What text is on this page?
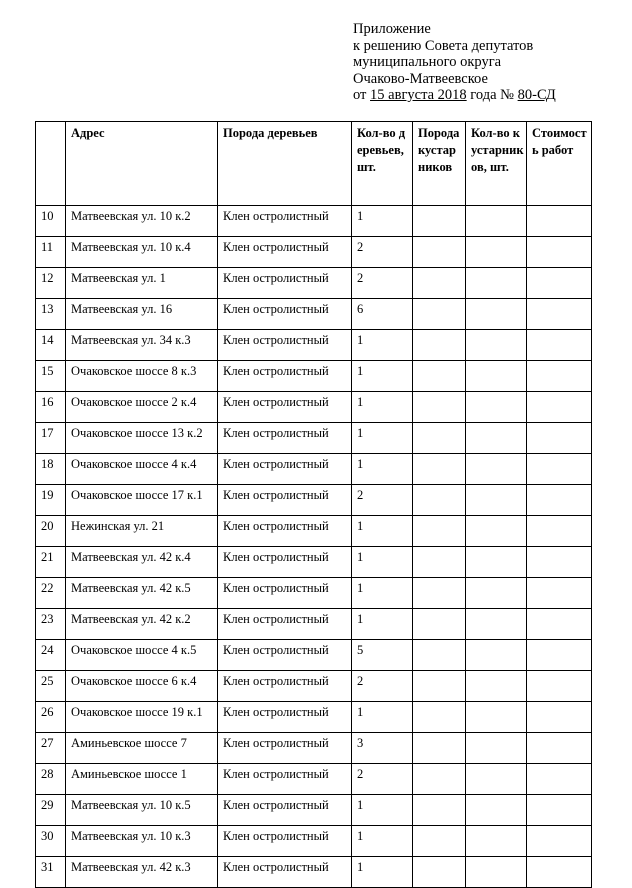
Приложение
к решению Совета депутатов
муниципального округа
Очаково-Матвеевское
от 15 августа 2018 года № 80-СД
	Адрес	Порода деревьев	Кол-во деревьев, шт.	Порода кустарников	Кол-во кустарников, шт.	Стоимость работ
10	Матвеевская ул. 10 к.2	Клен остролистный	1			
11	Матвеевская ул. 10 к.4	Клен остролистный	2			
12	Матвеевская ул. 1	Клен остролистный	2			
13	Матвеевская ул. 16	Клен остролистный	6			
14	Матвеевская ул. 34 к.3	Клен остролистный	1			
15	Очаковское шоссе 8 к.3	Клен остролистный	1			
16	Очаковское шоссе 2 к.4	Клен остролистный	1			
17	Очаковское шоссе 13 к.2	Клен остролистный	1			
18	Очаковское шоссе 4 к.4	Клен остролистный	1			
19	Очаковское шоссе 17 к.1	Клен остролистный	2			
20	Нежинская ул. 21	Клен остролистный	1			
21	Матвеевская ул. 42 к.4	Клен остролистный	1			
22	Матвеевская ул. 42 к.5	Клен остролистный	1			
23	Матвеевская ул. 42 к.2	Клен остролистный	1			
24	Очаковское шоссе 4 к.5	Клен остролистный	5			
25	Очаковское шоссе 6 к.4	Клен остролистный	2			
26	Очаковское шоссе 19 к.1	Клен остролистный	1			
27	Аминьевское шоссе 7	Клен остролистный	3			
28	Аминьевское шоссе 1	Клен остролистный	2			
29	Матвеевская ул. 10 к.5	Клен остролистный	1			
30	Матвеевская ул. 10 к.3	Клен остролистный	1			
31	Матвеевская ул. 42 к.3	Клен остролистный	1			
